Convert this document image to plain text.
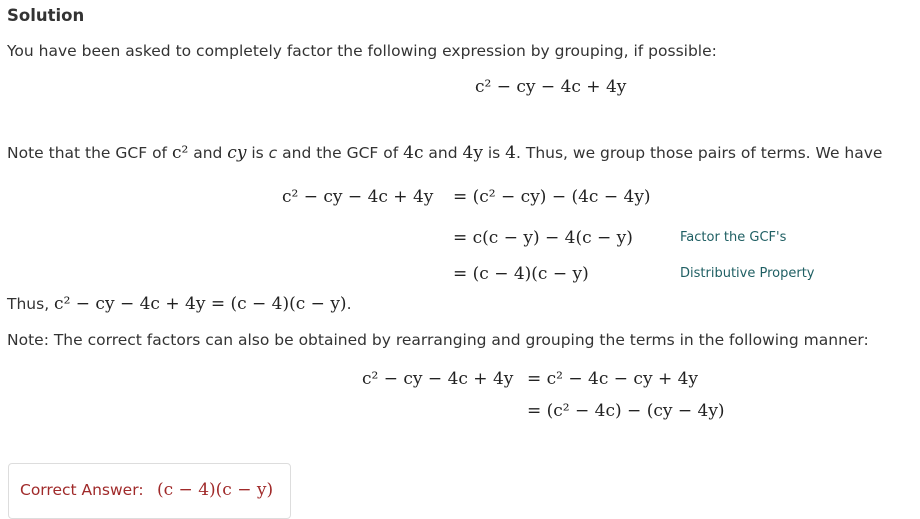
Solution
You have been asked to completely factor the following expression by grouping, if possible:
c² − cy − 4c + 4y
Note that the GCF of c² and cy is c and the GCF of 4c and 4y is 4. Thus, we group those pairs of terms. We have
c² − cy − 4c + 4y = (c² − cy) − (4c − 4y)
= c(c − y) − 4(c − y)	Factor the GCF's
= (c − 4)(c − y)	Distributive Property
Thus, c² − cy − 4c + 4y = (c − 4)(c − y).
Note: The correct factors can also be obtained by rearranging and grouping the terms in the following manner:
c² − cy − 4c + 4y = c² − 4c − cy + 4y
= (c² − 4c) − (cy − 4y)
Correct Answer: (c − 4)(c − y)
